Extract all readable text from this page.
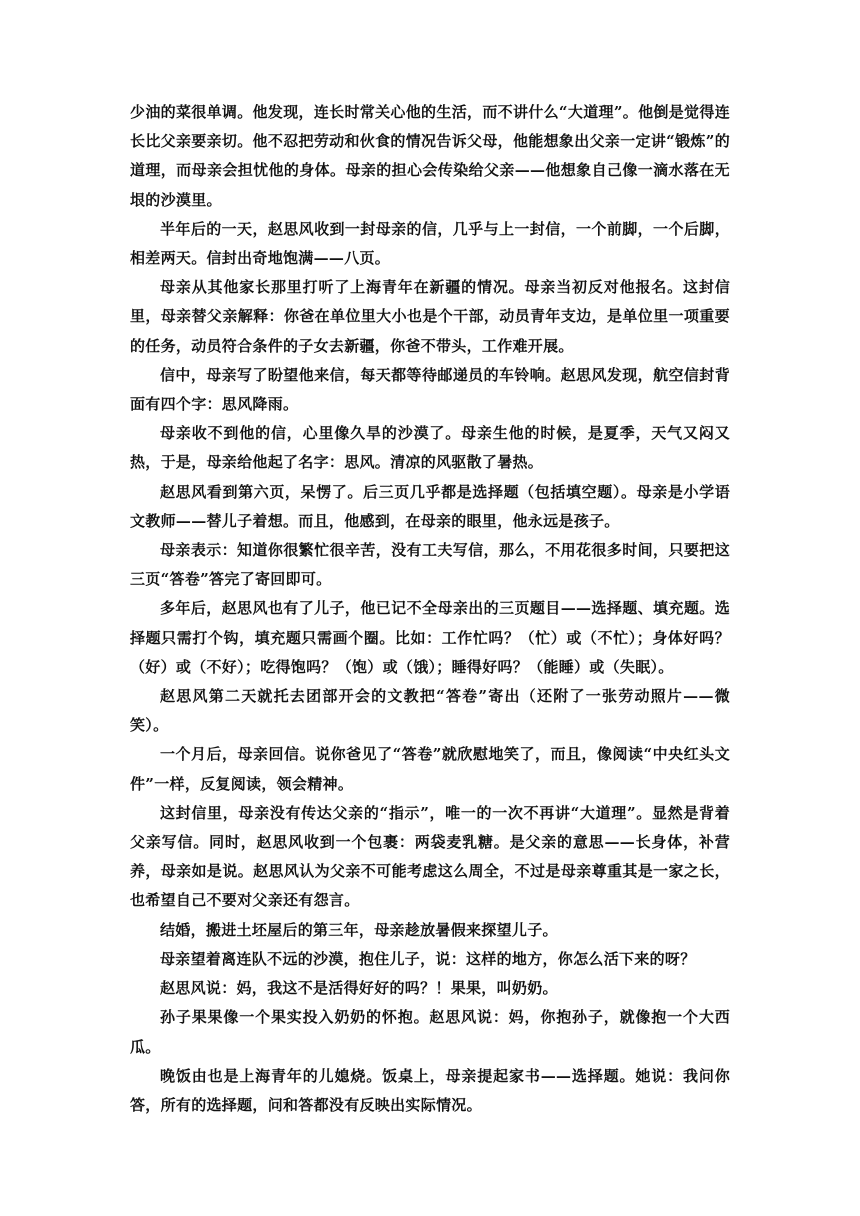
少油的菜很单调。他发现，连长时常关心他的生活，而不讲什么“大道理”。他倒是觉得连长比父亲要亲切。他不忍把劳动和伙食的情况告诉父母，他能想象出父亲一定讲“锻炼”的道理，而母亲会担忧他的身体。母亲的担心会传染给父亲——他想象自己像一滴水落在无垠的沙漠里。

半年后的一天，赵思风收到一封母亲的信，几乎与上一封信，一个前脚，一个后脚，相差两天。信封出奇地饱满——八页。

母亲从其他家长那里打听了上海青年在新疆的情况。母亲当初反对他报名。这封信里，母亲替父亲解释：你爸在单位里大小也是个干部，动员青年支边，是单位里一项重要的任务，动员符合条件的子女去新疆，你爸不带头，工作难开展。

信中，母亲写了盼望他来信，每天都等待邮递员的车铃响。赵思风发现，航空信封背面有四个字：思风降雨。

母亲收不到他的信，心里像久旱的沙漠了。母亲生他的时候，是夏季，天气又闷又热，于是，母亲给他起了名字：思风。清凉的风驱散了暑热。

赵思风看到第六页，呆愣了。后三页几乎都是选择题（包括填空题）。母亲是小学语文教师——替儿子着想。而且，他感到，在母亲的眼里，他永远是孩子。

母亲表示：知道你很繁忙很辛苦，没有工夫写信，那么，不用花很多时间，只要把这三页“答卷”答完了寄回即可。

多年后，赵思风也有了儿子，他已记不全母亲出的三页题目——选择题、填充题。选择题只需打个钩，填充题只需画个圈。比如：工作忙吗？（忙）或（不忙）；身体好吗？（好）或（不好）；吃得饱吗？（饱）或（饿）；睡得好吗？（能睡）或（失眠）。

赵思风第二天就托去团部开会的文教把“答卷”寄出（还附了一张劳动照片——微笑）。

一个月后，母亲回信。说你爸见了“答卷”就欣慰地笑了，而且，像阅读“中央红头文件”一样，反复阅读，领会精神。

这封信里，母亲没有传达父亲的“指示”，唯一的一次不再讲“大道理”。显然是背着父亲写信。同时，赵思风收到一个包裹：两袋麦乳糖。是父亲的意思——长身体，补营养，母亲如是说。赵思风认为父亲不可能考虑这么周全，不过是母亲尊重其是一家之长，也希望自己不要对父亲还有怨言。

结婚，搬进土坯屋后的第三年，母亲趁放暑假来探望儿子。

母亲望着离连队不远的沙漠，抱住儿子，说：这样的地方，你怎么活下来的呀？

赵思风说：妈，我这不是活得好好的吗？！果果，叫奶奶。

孙子果果像一个果实投入奶奶的怀抱。赵思风说：妈，你抱孙子，就像抱一个大西瓜。

晚饭由也是上海青年的儿媳烧。饭桌上，母亲提起家书——选择题。她说：我问你答，所有的选择题，问和答都没有反映出实际情况。
